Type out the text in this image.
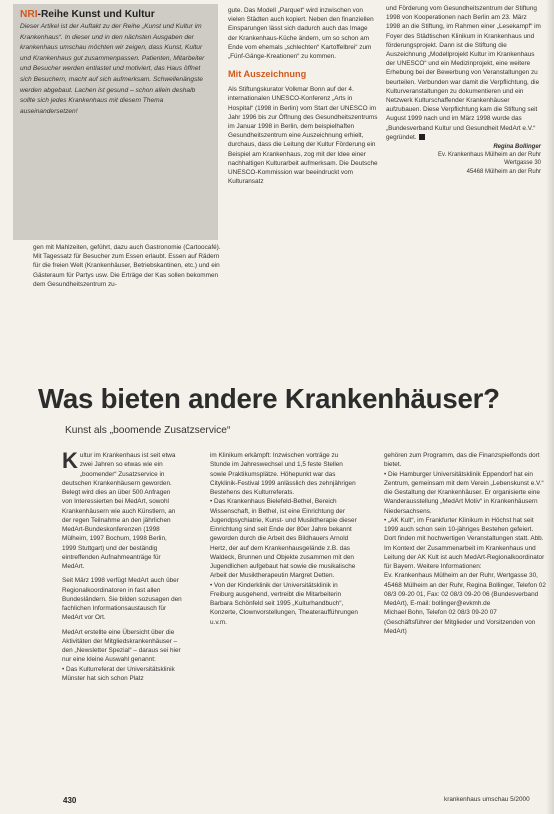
NRI-Reihe Kunst und Kultur
Dieser Artikel ist der Auftakt zu der Reihe „Kunst und Kultur im Krankenhaus“. In dieser und in den nächsten Ausgaben der krankenhaus umschau möchten wir zeigen, dass Kunst, Kultur und Krankenhaus gut zusammenpassen. Patienten, Mitarbeiter und Besucher werden entlastet und motiviert, das Haus öffnet sich Besuchern, macht auf sich aufmerksam. Schwellenängste werden abgebaut. Lachen ist gesund – schon allein deshalb sollte sich jedes Krankenhaus mit diesem Thema auseinandersetzen!
gen mit Mahlzeiten, geführt, dazu auch Gastronomie (Cartoocafé). Mit Tagessatz für Besucher zum Essen erlaubt. Essen auf Rädern für die freien Welt (Krankenhäuser, Betriebskantinen, etc.) und ein Gästeraum für Partys usw. Die Erträge der Kas sollen bekommen dem Gesundheitszentrum zu-
gute. Das Modell „Parquet“ wird inzwischen von vielen Städten auch kopiert. Neben den finanziellen Einsparungen lässt sich dadurch auch das Image der Krankenhaus-Küche ändern, um so schon am Ende vom ehemals „schlechten“ Kartoffelbrei“ zum „Fünf-Gänge-Kreationen“ zu kommen.
Mit Auszeichnung
Als Stiftungskurator Volkmar Bonn auf der 4. internationalen UNESCO-Konferenz „Arts in Hospital“ (1998 in Berlin) vom Start der UNESCO im Jahr 1996 bis zur Öffnung des Gesundheitszentrums im Januar 1998 in Berlin, dem beispielhaften Gesundheitszentrum eine Auszeichnung erhielt, durchaus, dass die Leitung der Kultur Förderung ein Beispiel am Krankenhaus, zog mit der Idee einer nachhaltigen Kulturarbeit aufmerksam. Die Deutsche UNESCO-Kommission war beeindruckt vom Kulturansatz
und Förderung vom Gesundheitszentrum der Stiftung 1998 von Kooperationen nach Berlin am 23. März 1998 an die Stiftung, im Rahmen einer „Lesekampf“ im Foyer des Städtischen Klinikum in Krankenhaus und förderungsprojekt. Dann ist die Stiftung die Auszeichnung „Modellprojekt Kultur im Krankenhaus der UNESCO“ und ein Medizinprojekt, eine weitere Erhebung bei der Bewerbung von Veranstaltungen zu beurteilen. Verbunden war damit die Verpflichtung, die Kulturveranstaltungen zu dokumentieren und ein Netzwerk Kulturschaffender Krankenhäuser aufzubauen. Diese Verpflichtung kam die Stiftung seit August 1999 nach und im März 1998 wurde das „Bundesverband Kultur und Gesundheit MedArt e.V.“ gegründet.
Regina Bollinger
Ev. Krankenhaus Mülheim an der Ruhr
Wertgasse 30
45468 Mülheim an der Ruhr
Was bieten andere Krankenhäuser?
Kunst als „boomende Zusatzservice“
Kultur im Krankenhaus ist seit etwa zwei Jahren so etwas wie ein „boomender“ Zusatzservice in deutschen Krankenhäusern geworden. Belegt wird dies an über 500 Anfragen von Interessierten bei MedArt, sowohl Krankenhäusern wie auch Künstlern, an der regen Teilnahme an den jährlichen MedArt-Bundeskonferenzen (1998 Mülheim, 1997 Bochum, 1998 Berlin, 1999 Stuttgart) und der beständig eintreffenden Aufnahmeanträge für MedArt.
Seit März 1998 verfügt MedArt auch über Regionalkoordinatoren in fast allen Bundesländern. Sie bilden sozusagen den fachlichen Informationsaustausch für MedArt vor Ort.
MedArt erstellte eine Übersicht über die Aktivitäten der Mitgliedskrankenhäuser – den „Newsletter Spezial“ – daraus sei hier nur eine kleine Auswahl genannt:
• Das Kulturreferat der Universitätsklinik Münster hat sich schon Platz
im Klinikum erkämpft: Inzwischen vorträge zu Stunde im Jahreswechsel und 1,5 feste Stellen sowie Praktikumsplätze. Höhepunkt war das Cityklinik-Festival 1999 anlässlich des zehnjährigen Bestehens des Kulturreferats.
• Das Krankenhaus Bielefeld-Bethel, Bereich Wissenschaft, in Bethel, ist eine Einrichtung der Jugendpsychiatrie, Kunst- und Musiktherapie dieser Einrichtung sind seit Ende der 80er Jahre bekannt geworden durch die Arbeit des Bildhauers Arnold Hertz, der auf dem Krankenhausgelände z.B. das Waldeck, Brunnen und Objekte zusammen mit den Jugendlichen aufgebaut hat sowie die musikalische Arbeit der Musiktherapeutin Margret Detten.
• Von der Kinderklinik der Universitätsklinik in Freiburg ausgehend, vertreibt die Mitarbeiterin Barbara Schönfeld seit 1995 „Kulturhandbuch“, Konzerte, Clownvorstellungen, Theateraufführungen u.v.m.
gehören zum Programm, das die Finanzspielfonds dort bietet.
• Die Hamburger Universitätsklinik Eppendorf hat ein Zentrum, gemeinsam mit dem Verein „Lebenskunst e.V.“ die Gestaltung der Krankenhäuser. Er organisierte eine Wanderausstellung „MedArt Motiv“ in Krankenhäusern Niedersachsens.
• „AK Kult“, im Frankfurter Klinikum in Höchst hat seit 1999 auch schon sein 10-jähriges Bestehen gefeiert. Dort finden mit hochwertigen Veranstaltungen statt. Abb. Im Kontext der Zusammenarbeit im Krankenhaus und Leitung der AK Kult ist auch MedArt-Regionalkoordinator für Bayern. Weitere Informationen:
Ev. Krankenhaus Mülheim an der Ruhr, Wertgasse 30, 45468 Mülheim an der Ruhr, Regina Bollinger, Telefon 02 08/3 09-20 01, Fax: 02 08/3 09-20 06 (Bundesverband MedArt), E-mail: bollinger@evkmh.de
Michael Bohn, Telefon 02 08/3 09-20 07 (Geschäftsführer der Mitglieder und Vorsitzenden von MedArt)
430	krankenhaus umschau 5/2000
